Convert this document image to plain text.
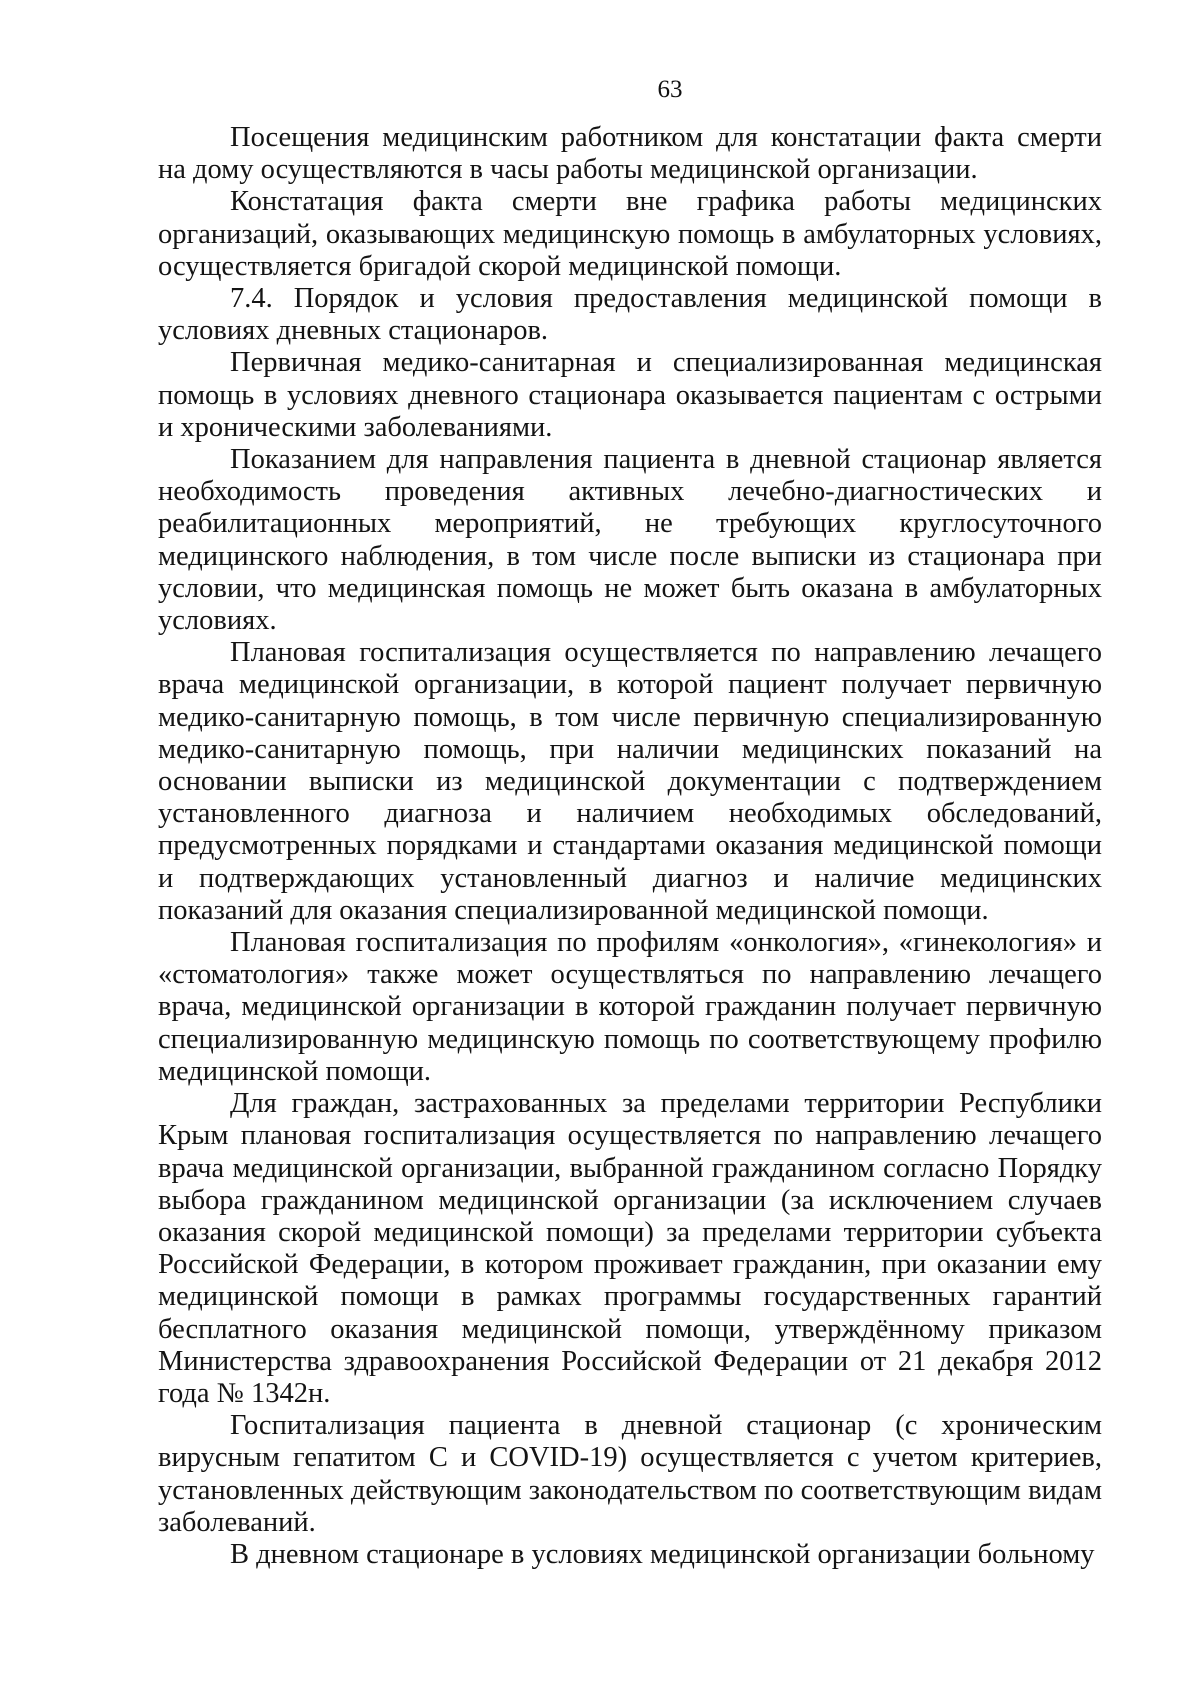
63

Посещения медицинским работником для констатации факта смерти на дому осуществляются в часы работы медицинской организации.

Констатация факта смерти вне графика работы медицинских организаций, оказывающих медицинскую помощь в амбулаторных условиях, осуществляется бригадой скорой медицинской помощи.

7.4. Порядок и условия предоставления медицинской помощи в условиях дневных стационаров.

Первичная медико-санитарная и специализированная медицинская помощь в условиях дневного стационара оказывается пациентам с острыми и хроническими заболеваниями.

Показанием для направления пациента в дневной стационар является необходимость проведения активных лечебно-диагностических и реабилитационных мероприятий, не требующих круглосуточного медицинского наблюдения, в том числе после выписки из стационара при условии, что медицинская помощь не может быть оказана в амбулаторных условиях.

Плановая госпитализация осуществляется по направлению лечащего врача медицинской организации, в которой пациент получает первичную медико-санитарную помощь, в том числе первичную специализированную медико-санитарную помощь, при наличии медицинских показаний на основании выписки из медицинской документации с подтверждением установленного диагноза и наличием необходимых обследований, предусмотренных порядками и стандартами оказания медицинской помощи и подтверждающих установленный диагноз и наличие медицинских показаний для оказания специализированной медицинской помощи.

Плановая госпитализация по профилям «онкология», «гинекология» и «стоматология» также может осуществляться по направлению лечащего врача, медицинской организации в которой гражданин получает первичную специализированную медицинскую помощь по соответствующему профилю медицинской помощи.

Для граждан, застрахованных за пределами территории Республики Крым плановая госпитализация осуществляется по направлению лечащего врача медицинской организации, выбранной гражданином согласно Порядку выбора гражданином медицинской организации (за исключением случаев оказания скорой медицинской помощи) за пределами территории субъекта Российской Федерации, в котором проживает гражданин, при оказании ему медицинской помощи в рамках программы государственных гарантий бесплатного оказания медицинской помощи, утверждённому приказом Министерства здравоохранения Российской Федерации от 21 декабря 2012 года № 1342н.

Госпитализация пациента в дневной стационар (с хроническим вирусным гепатитом С и COVID-19) осуществляется с учетом критериев, установленных действующим законодательством по соответствующим видам заболеваний.

В дневном стационаре в условиях медицинской организации больному
